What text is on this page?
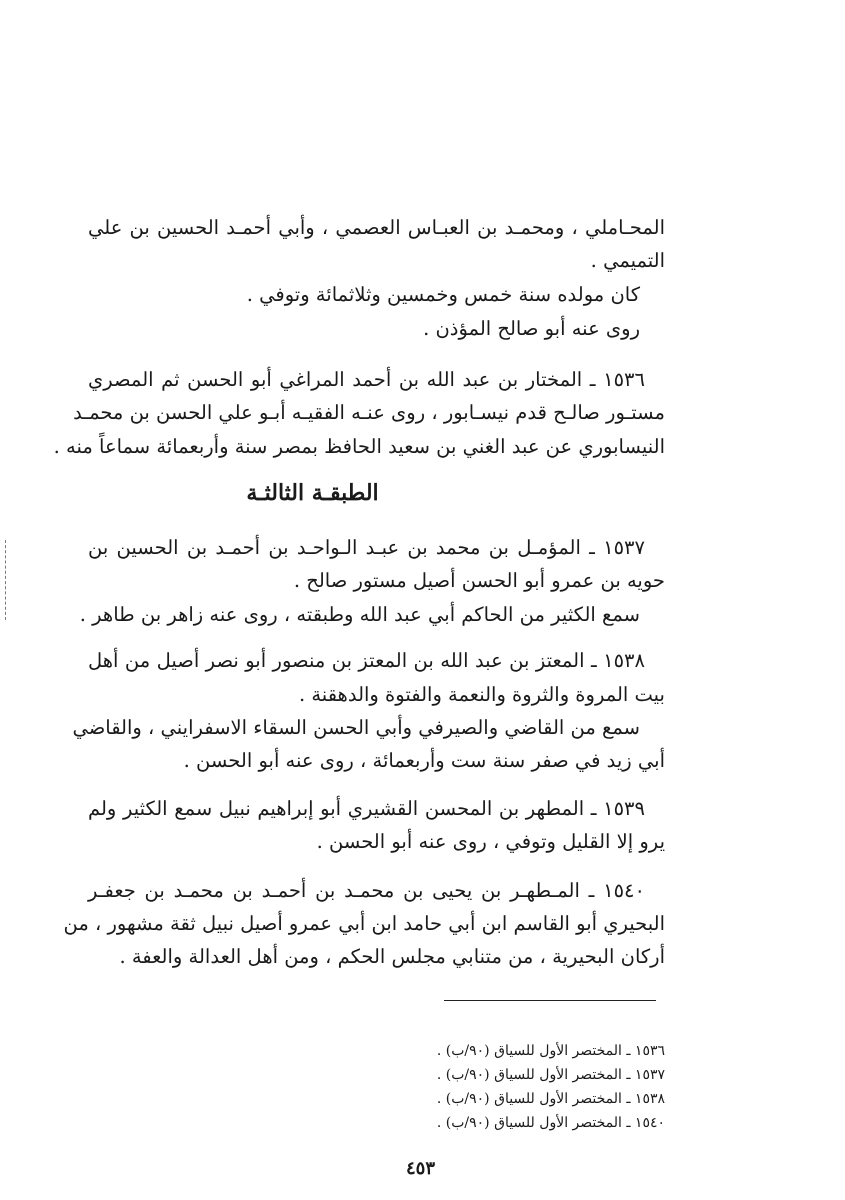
المحـاملي ، ومحمـد بن العبـاس العصمي ، وأبي أحمـد الحسين بن علي
التميمي .
كان مولده سنة خمس وخمسين وثلاثمائة وتوفي .
روى عنه أبو صالح المؤذن .
١٥٣٦ ـ المختار بن عبد الله بن أحمد المراغي أبو الحسن ثم المصري
مستـور صالـح قدم نيسـابور ، روى عنـه الفقيـه أبـو علي الحسن بن محمـد
النيسابوري عن عبد الغني بن سعيد الحافظ بمصر سنة وأربعمائة سماعاً منه .
الطبقـة الثالثـة
١٥٣٧ ـ المؤمـل بن محمد بن عبـد الـواحـد بن أحمـد بن الحسين بن
حويه بن عمرو أبو الحسن أصيل مستور صالح .
سمع الكثير من الحاكم أبي عبد الله وطبقته ، روى عنه زاهر بن طاهر .
١٥٣٨ ـ المعتز بن عبد الله بن المعتز بن منصور أبو نصر أصيل من أهل
بيت المروة والثروة والنعمة والفتوة والدهقنة .
سمع من القاضي والصيرفي وأبي الحسن السقاء الاسفرايني ، والقاضي
أبي زيد في صفر سنة ست وأربعمائة ، روى عنه أبو الحسن .
١٥٣٩ ـ المطهر بن المحسن القشيري أبو إبراهيم نبيل سمع الكثير ولم
يرو إلا القليل وتوفي ، روى عنه أبو الحسن .
١٥٤٠ ـ المـطهـر بن يحيى بن محمـد بن أحمـد بن محمـد بن جعفـر
البحيري أبو القاسم ابن أبي حامد ابن أبي عمرو أصيل نبيل ثقة مشهور ، من
أركان البحيرية ، من متنابي مجلس الحكم ، ومن أهل العدالة والعفة .
١٥٣٦ ـ المختصر الأول للسياق (٩٠/ب) .
١٥٣٧ ـ المختصر الأول للسياق (٩٠/ب) .
١٥٣٨ ـ المختصر الأول للسياق (٩٠/ب) .
١٥٤٠ ـ المختصر الأول للسياق (٩٠/ب) .
٤٥٣
